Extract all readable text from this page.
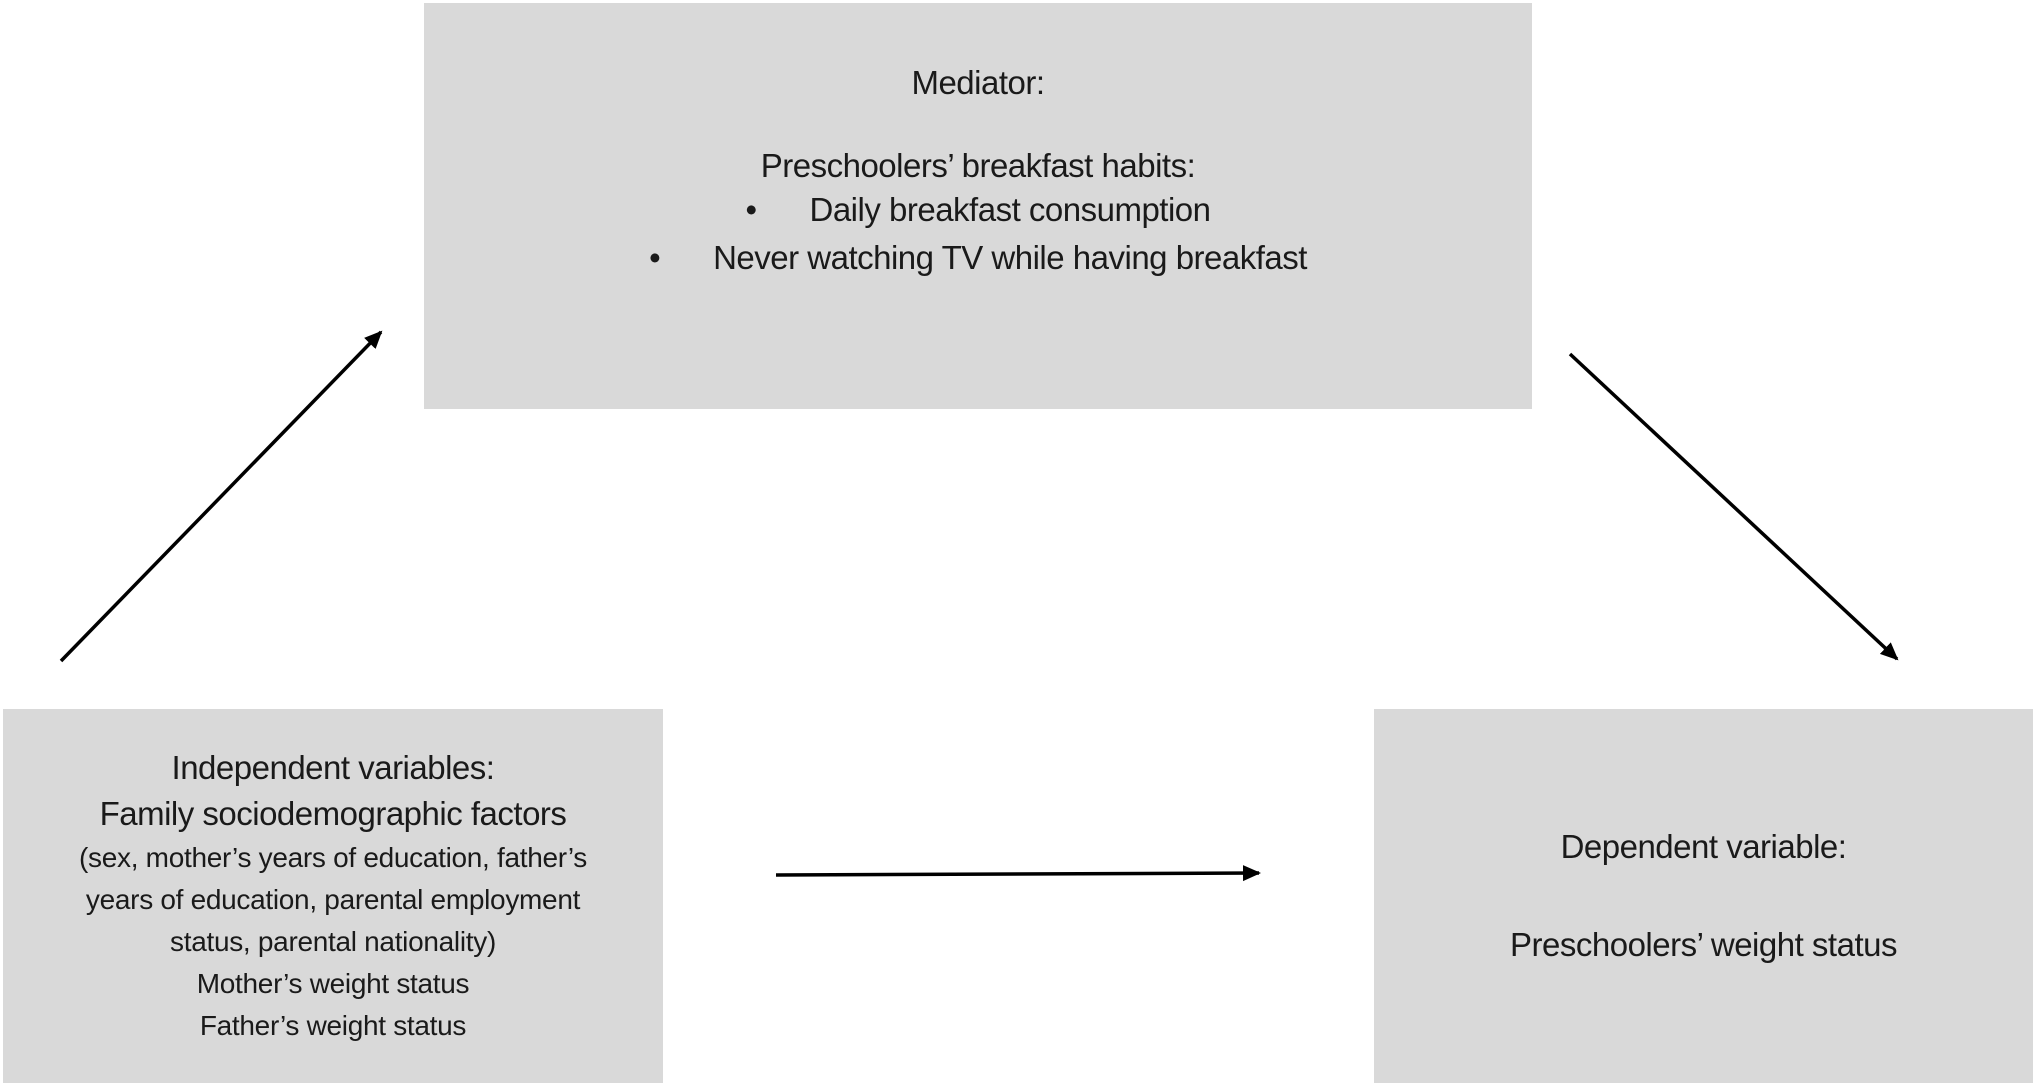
Mediator:
Preschoolers’ breakfast habits:
•	Daily breakfast consumption
•	Never watching TV while having breakfast
Independent variables:
Family sociodemographic factors
(sex, mother’s years of education, father’s
years of education, parental employment
status, parental nationality)
Mother’s weight status
Father’s weight status
Dependent variable:
Preschoolers’ weight status
